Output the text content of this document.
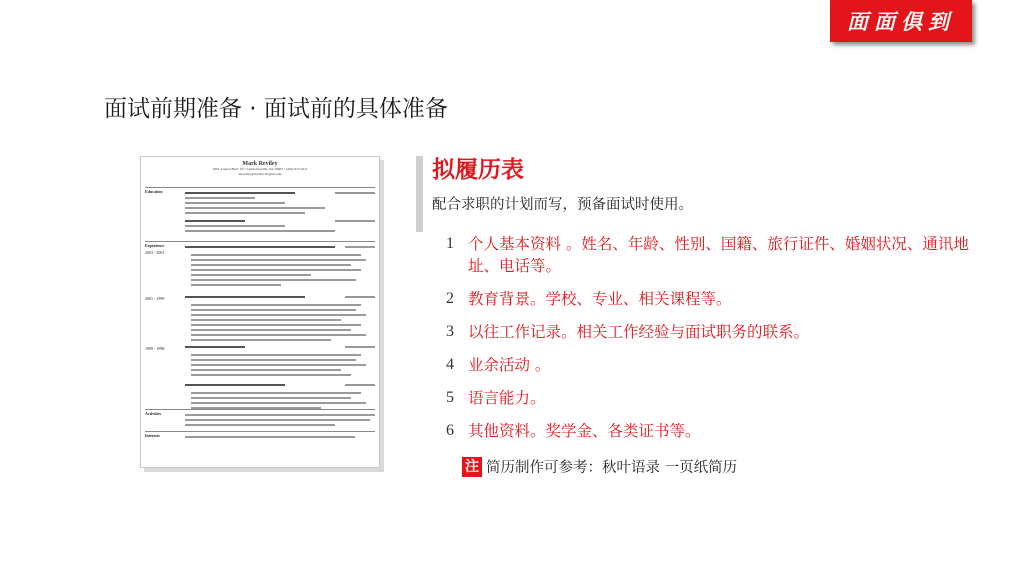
面面俱到
面试前期准备 · 面试前的具体准备
Mark Reviley
1901 Aragon Blvd. #5 • Charlottesville, VA 22903 • (434) 972-0111
mreviley@darden.virginia.edu
Education
Experience
2003 - 2001
2001 - 1999
1999 - 1998
Activities
Interests
拟履历表
配合求职的计划而写，预备面试时使用。
1 个人基本资料 。姓名、年龄、性别、国籍、旅行证件、婚姻状况、通讯地址、电话等。
2 教育背景。学校、专业、相关课程等。
3 以往工作记录。相关工作经验与面试职务的联系。
4 业余活动 。
5 语言能力。
6 其他资料。奖学金、各类证书等。
注 简历制作可参考：秋叶语录 一页纸简历
